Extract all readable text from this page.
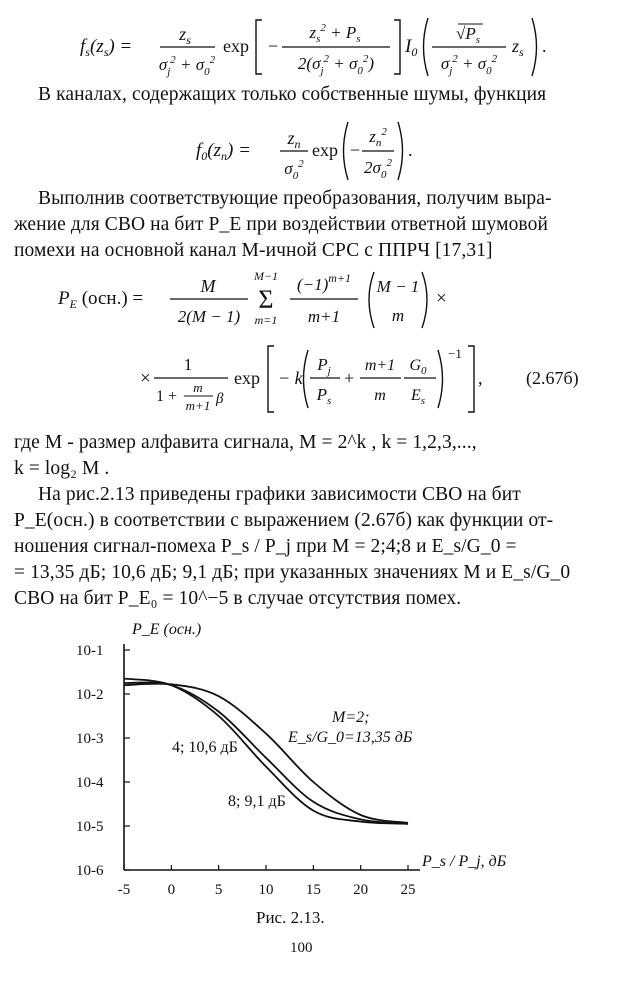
$f_s(z_s)$ =
$z_s$
$\sigma_j^2 + \sigma_0^2$
exp −
$z_s^2 + P_s$
$2(\sigma_j^2 + \sigma_0^2)$
$I_0$
$√P_s$
$\sigma_j^2 + \sigma_0^2$
$z_s$ .
В каналах, содержащих только собственные шумы, функция
$f_0(z_n)$ =
$z_n$
$\sigma_0^2$
exp −
$z_n^2$
$2\sigma_0^2$
.
Выполнив соответствующие преобразования, получим выра-
жение для СВО на бит P_E при воздействии ответной шумовой
помехи на основной канал M-ичной СРС с ППРЧ [17,31]
$P_E$ (осн.) =
M
2(M − 1)
M−1
Σ
m=1
$(-1)^{m+1}$
m+1
M − 1
m
×
×
1
1 +
m
m+1 β
exp − k
$P_j$
$P_s$
+
m+1
m
$G_0$
$E_s$
−1
, (2.67б)
где M - размер алфавита сигнала, M = 2^k , k = 1,2,3,...,
k = log₂ M .
На рис.2.13 приведены графики зависимости СВО на бит
P_E(осн.) в соответствии с выражением (2.67б) как функции от-
ношения сигнал-помеха P_s / P_j при M = 2;4;8 и E_s/G_0 =
= 13,35 дБ; 10,6 дБ; 9,1 дБ; при указанных значениях M и E_s/G_0
СВО на бит P_E₀ = 10^−5 в случае отсутствия помех.
10-1
10-2
10-3
10-4
10-5
10-6
-5 0	5 10 15 20 25
P_E (осн.)
P_s / P_j, дБ
M=2;
E_s/G_0=13,35 дБ
4; 10,6 дБ
8; 9,1 дБ
Рис. 2.13.
100
